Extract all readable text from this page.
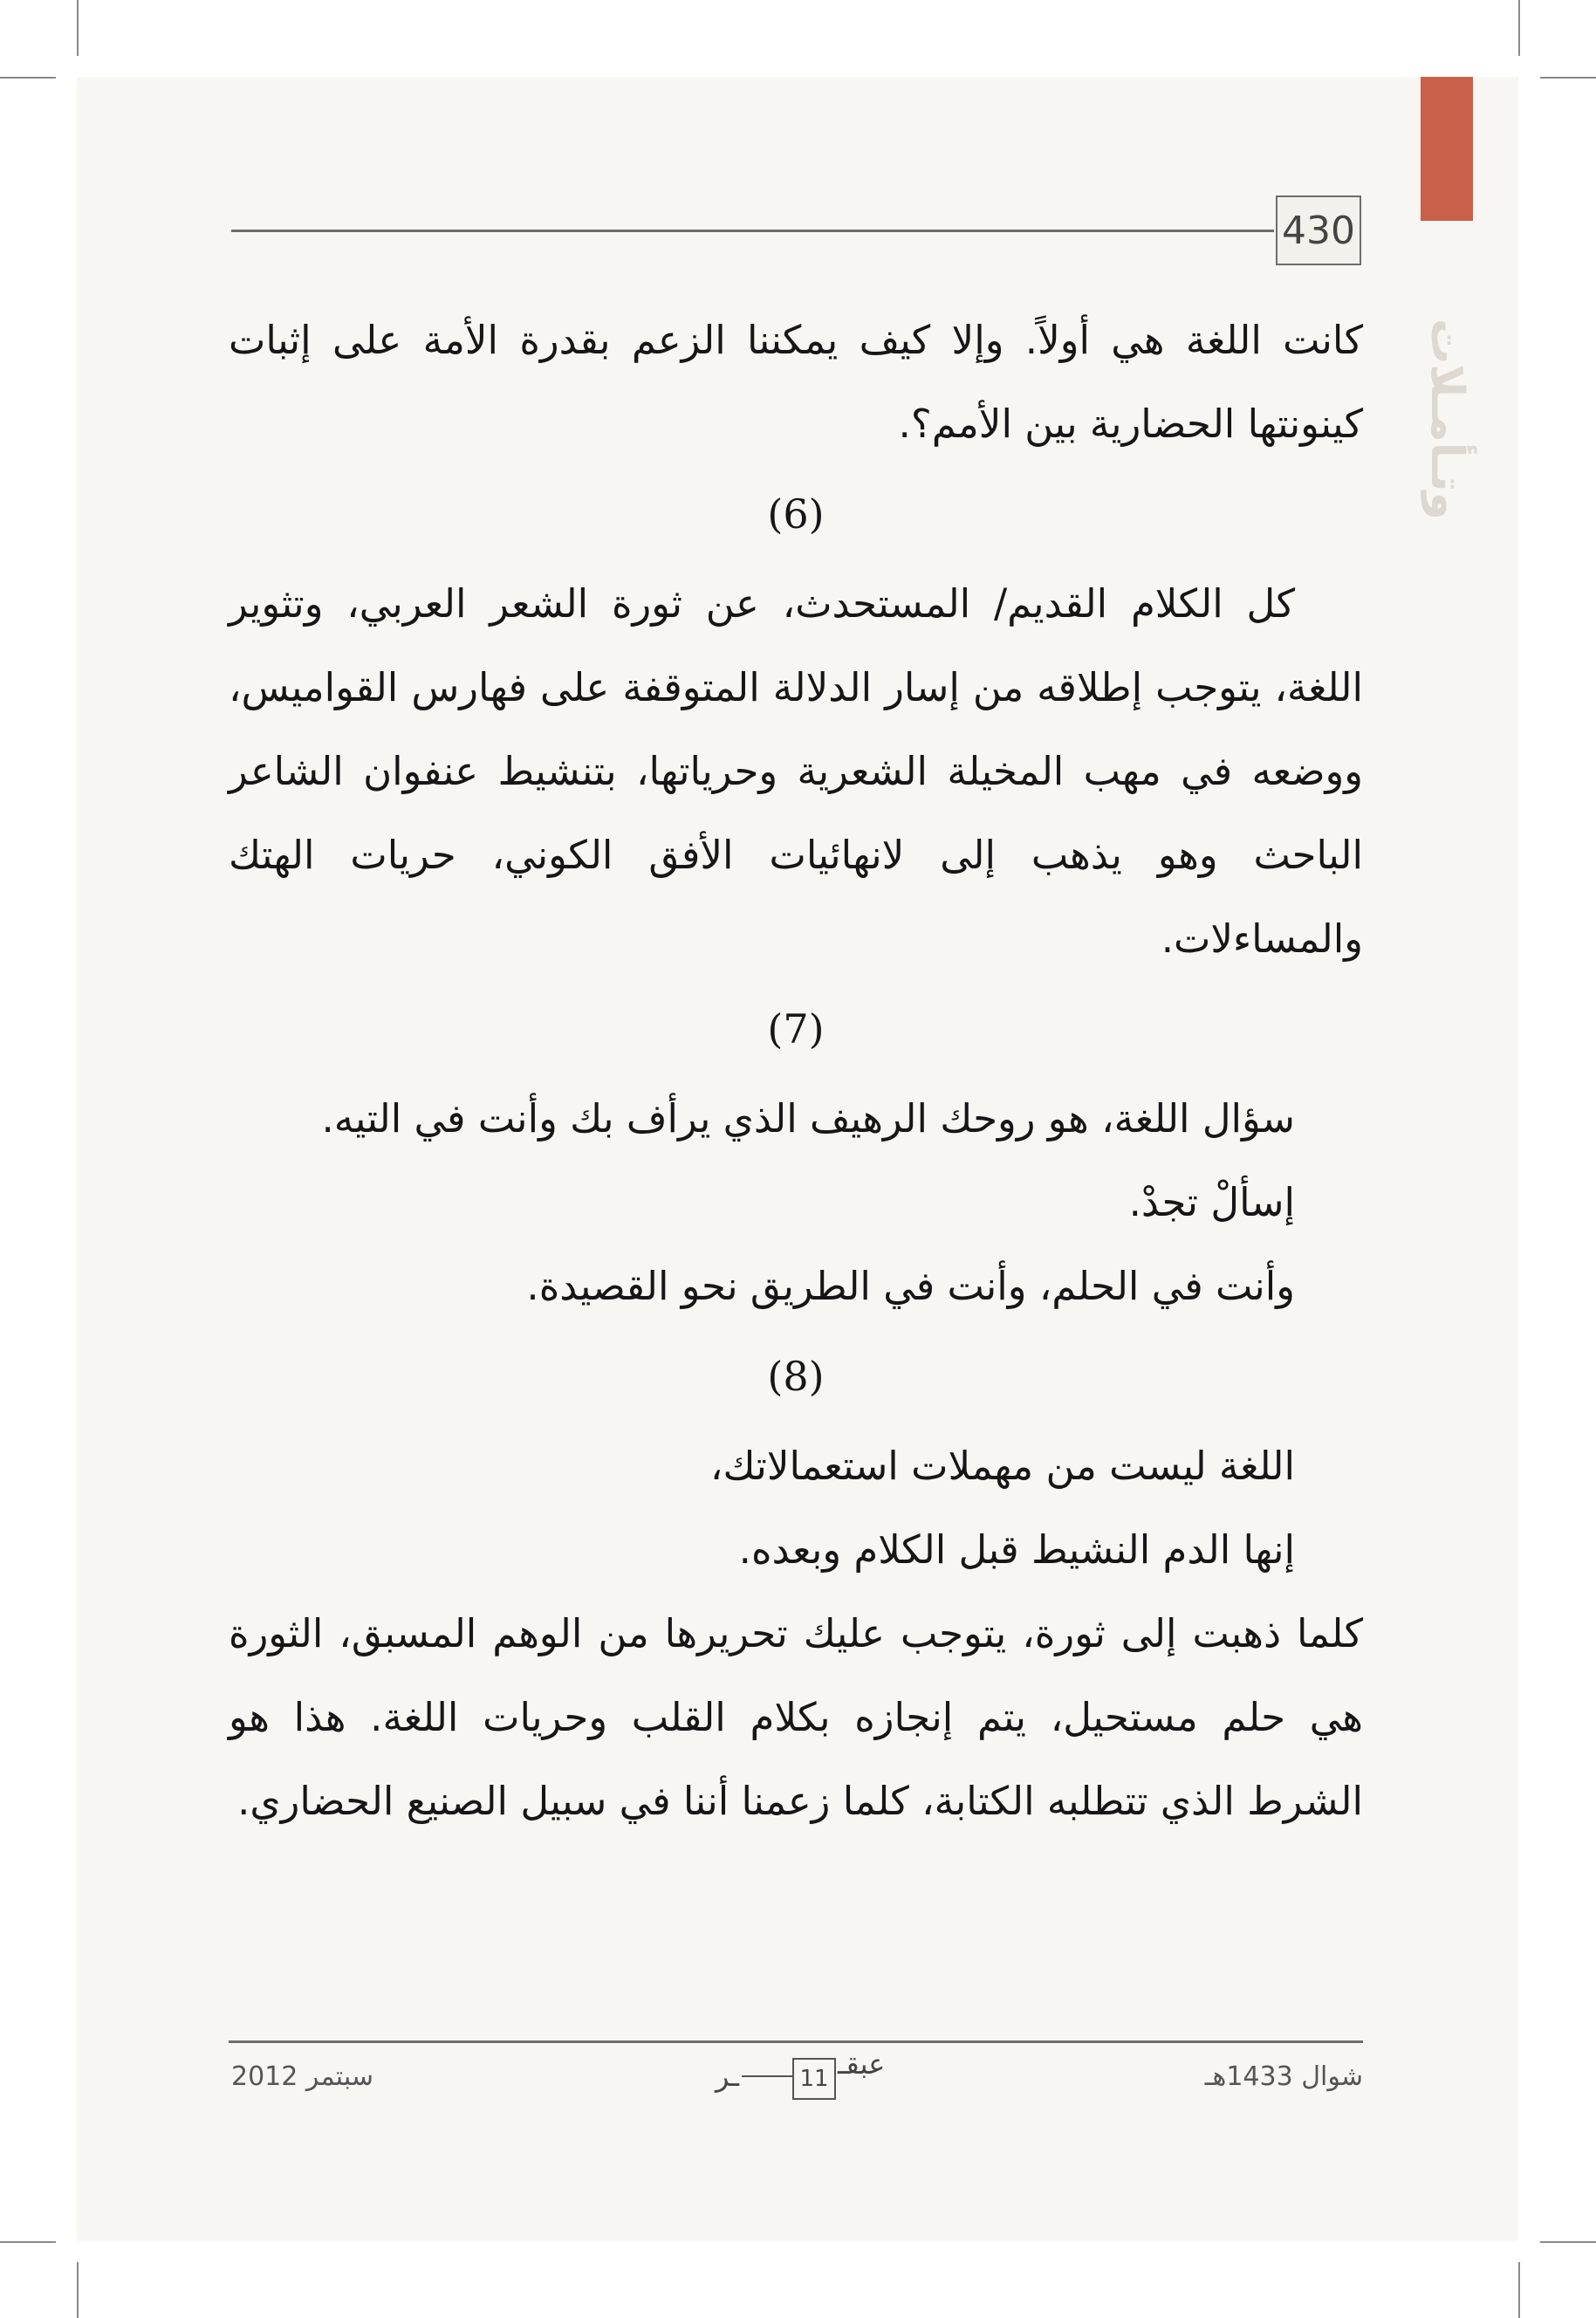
وتـأمـلات
430

كانت اللغة هي أولاً. وإلا كيف يمكننا الزعم بقدرة الأمة على إثبات كينونتها الحضارية بين الأمم؟.

(6)

كل الكلام القديم/ المستحدث، عن ثورة الشعر العربي، وتثوير اللغة، يتوجب إطلاقه من إسار الدلالة المتوقفة على فهارس القواميس، ووضعه في مهب المخيلة الشعرية وحرياتها، بتنشيط عنفوان الشاعر الباحث وهو يذهب إلى لانهائيات الأفق الكوني، حريات الهتك والمساءلات.

(7)

سؤال اللغة، هو روحك الرهيف الذي يرأف بك وأنت في التيه.

إسألْ تجدْ.

وأنت في الحلم، وأنت في الطريق نحو القصيدة.

(8)

اللغة ليست من مهملات استعمالاتك،

إنها الدم النشيط قبل الكلام وبعده.

كلما ذهبت إلى ثورة، يتوجب عليك تحريرها من الوهم المسبق، الثورة هي حلم مستحيل، يتم إنجازه بكلام القلب وحريات اللغة. هذا هو الشرط الذي تتطلبه الكتابة، كلما زعمنا أننا في سبيل الصنيع الحضاري.

سبتمر 2012	شوال 1433هـ
ـر	11 عبقـ
